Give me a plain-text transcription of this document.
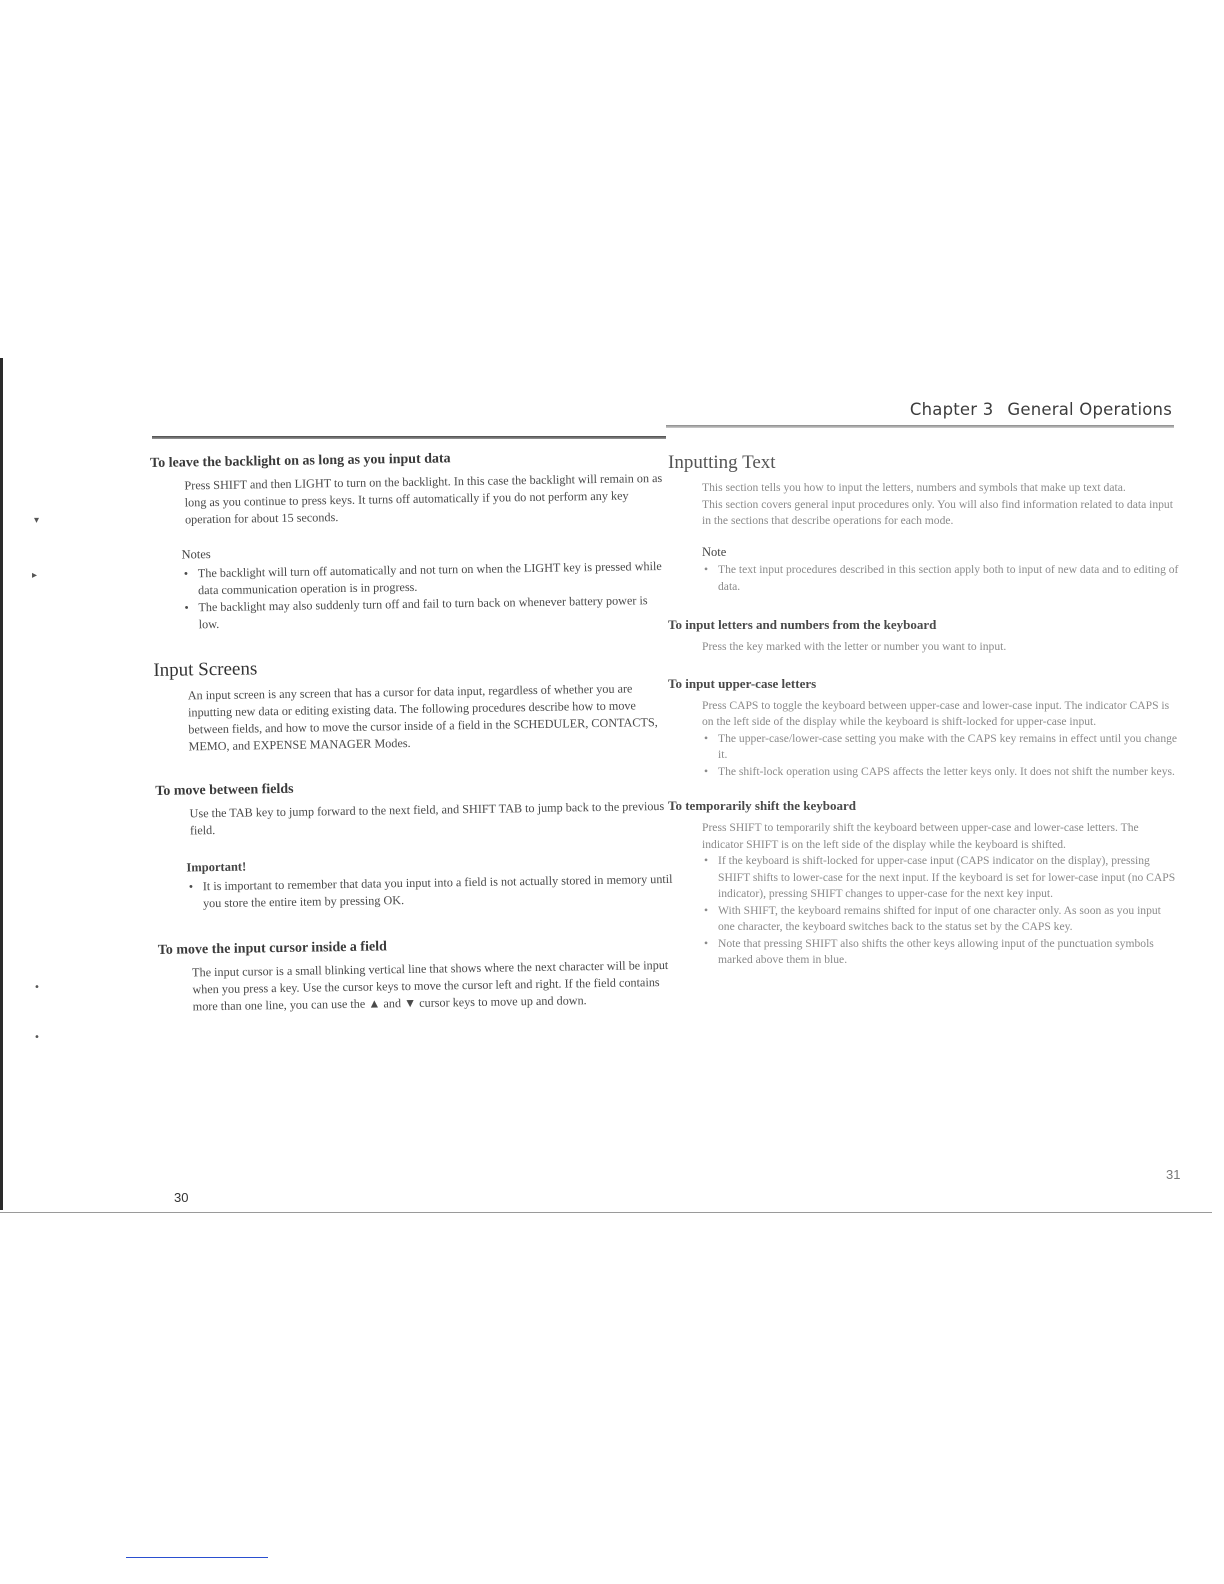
▾
▸
•
•
Chapter 3 General Operations
To leave the backlight on as long as you input data

Press SHIFT and then LIGHT to turn on the backlight. In this case the backlight will remain on as long as you continue to press keys. It turns off automatically if you do not perform any key operation for about 15 seconds.

Notes

• The backlight will turn off automatically and not turn on when the LIGHT key is pressed while data communication operation is in progress.
• The backlight may also suddenly turn off and fail to turn back on whenever battery power is low.
Input Screens

An input screen is any screen that has a cursor for data input, regardless of whether you are inputting new data or editing existing data. The following procedures describe how to move between fields, and how to move the cursor inside of a field in the SCHEDULER, CONTACTS, MEMO, and EXPENSE MANAGER Modes.

To move between fields

Use the TAB key to jump forward to the next field, and SHIFT TAB to jump back to the previous field.

Important!

• It is important to remember that data you input into a field is not actually stored in memory until you store the entire item by pressing OK.
To move the input cursor inside a field

The input cursor is a small blinking vertical line that shows where the next character will be input when you press a key. Use the cursor keys to move the cursor left and right. If the field contains more than one line, you can use the ▲ and ▼ cursor keys to move up and down.

Inputting Text

This section tells you how to input the letters, numbers and symbols that make up text data.

This section covers general input procedures only. You will also find information related to data input in the sections that describe operations for each mode.

Note

• The text input procedures described in this section apply both to input of new data and to editing of data.
To input letters and numbers from the keyboard

Press the key marked with the letter or number you want to input.

To input upper-case letters

Press CAPS to toggle the keyboard between upper-case and lower-case input. The indicator CAPS is on the left side of the display while the keyboard is shift-locked for upper-case input.

• The upper-case/lower-case setting you make with the CAPS key remains in effect until you change it.
• The shift-lock operation using CAPS affects the letter keys only. It does not shift the number keys.
To temporarily shift the keyboard

Press SHIFT to temporarily shift the keyboard between upper-case and lower-case letters. The indicator SHIFT is on the left side of the display while the keyboard is shifted.

• If the keyboard is shift-locked for upper-case input (CAPS indicator on the display), pressing SHIFT shifts to lower-case for the next input. If the keyboard is set for lower-case input (no CAPS indicator), pressing SHIFT changes to upper-case for the next key input.
• With SHIFT, the keyboard remains shifted for input of one character only. As soon as you input one character, the keyboard switches back to the status set by the CAPS key.
• Note that pressing SHIFT also shifts the other keys allowing input of the punctuation symbols marked above them in blue.
30
31
